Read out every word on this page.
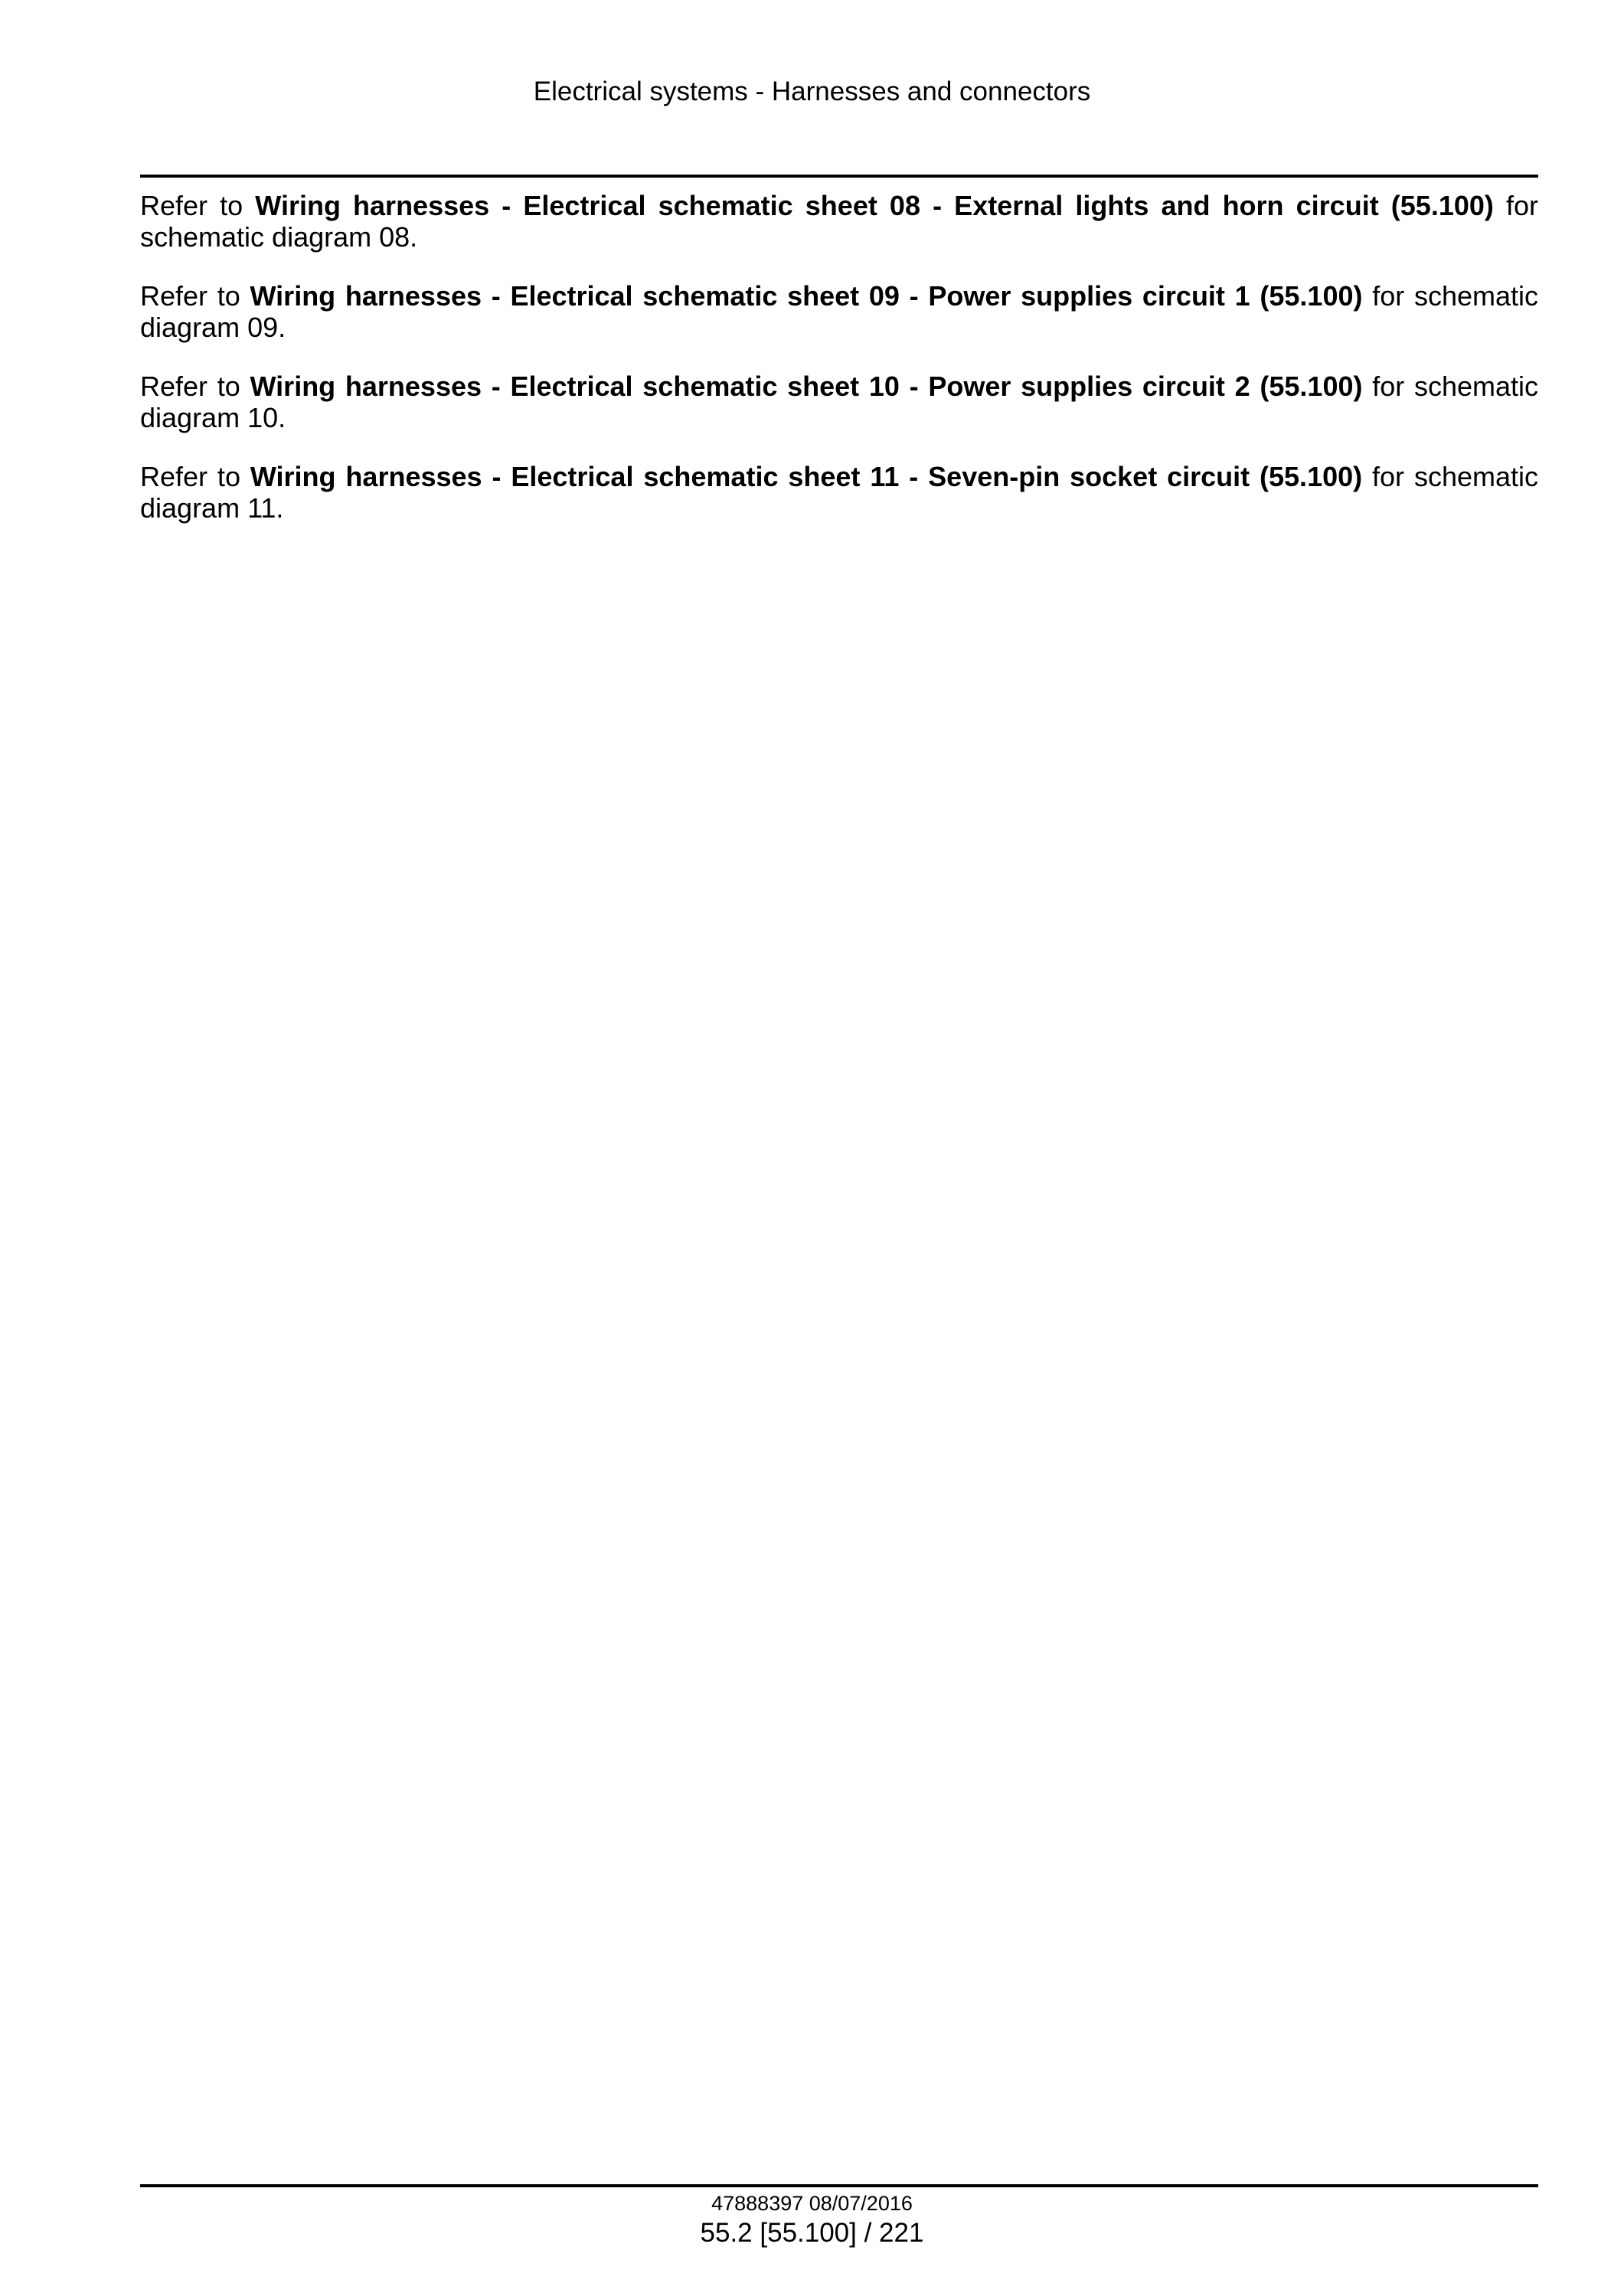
Electrical systems - Harnesses and connectors

Refer to Wiring harnesses - Electrical schematic sheet 08 - External lights and horn circuit (55.100) for schematic diagram 08.

Refer to Wiring harnesses - Electrical schematic sheet 09 - Power supplies circuit 1 (55.100) for schematic diagram 09.

Refer to Wiring harnesses - Electrical schematic sheet 10 - Power supplies circuit 2 (55.100) for schematic diagram 10.

Refer to Wiring harnesses - Electrical schematic sheet 11 - Seven-pin socket circuit (55.100) for schematic diagram 11.

47888397 08/07/2016
55.2 [55.100] / 221
